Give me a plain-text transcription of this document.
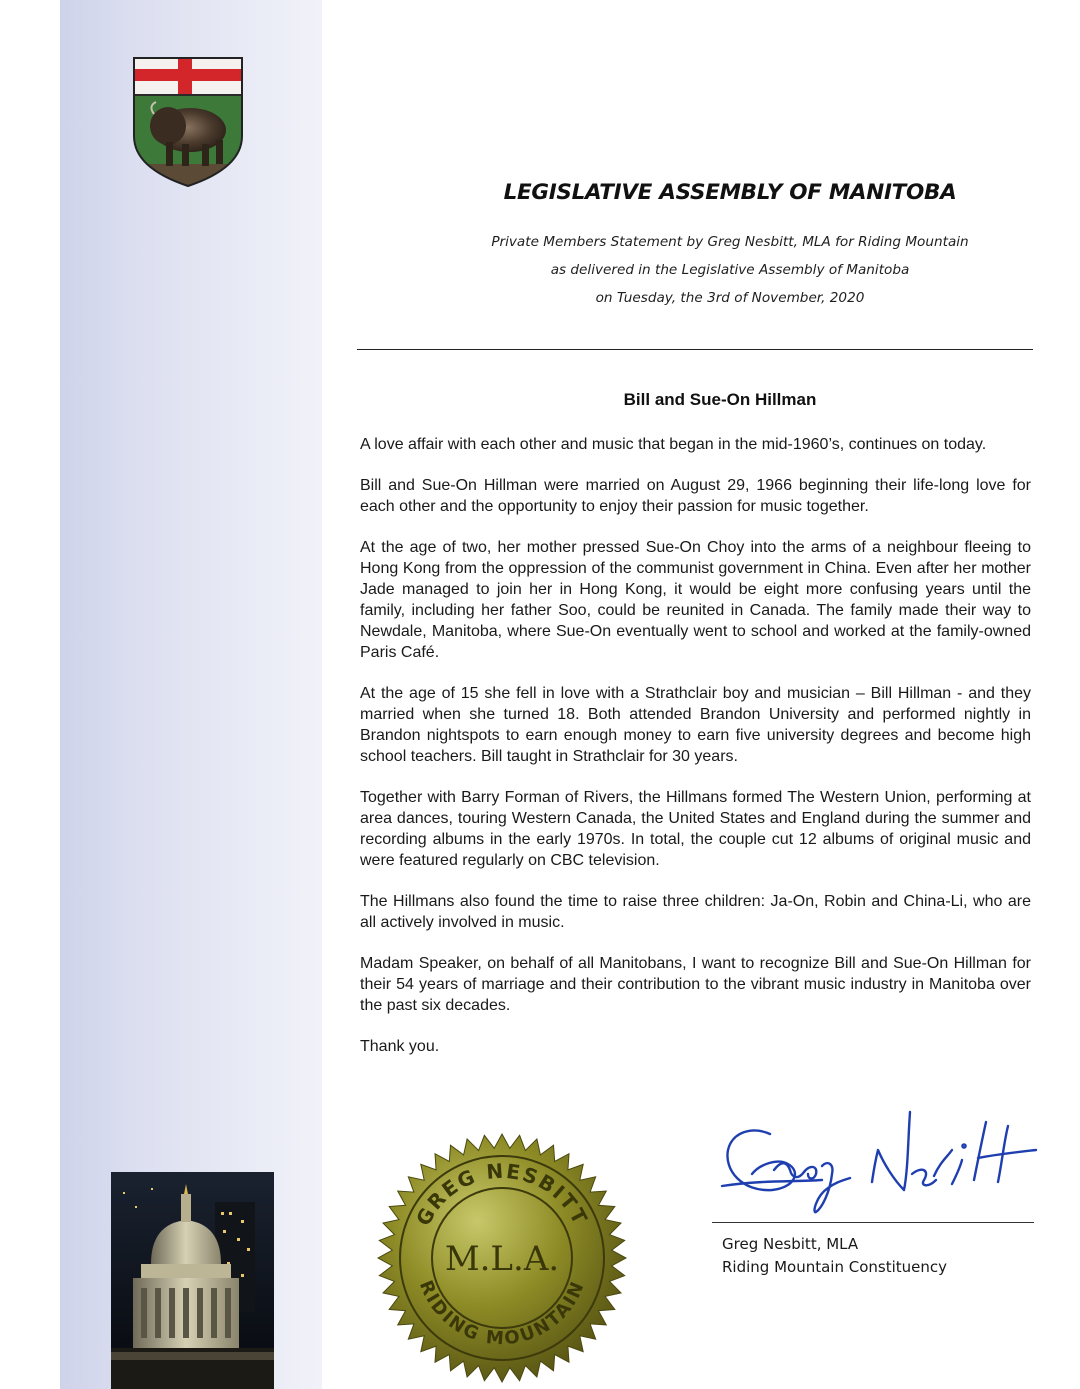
LEGISLATIVE ASSEMBLY OF MANITOBA
Private Members Statement by Greg Nesbitt, MLA for Riding Mountain
as delivered in the Legislative Assembly of Manitoba
on Tuesday, the 3rd of November, 2020
Bill and Sue-On Hillman

A love affair with each other and music that began in the mid-1960’s, continues on today.

Bill and Sue-On Hillman were married on August 29, 1966 beginning their life-long love for each other and the opportunity to enjoy their passion for music together.

At the age of two, her mother pressed Sue-On Choy into the arms of a neighbour fleeing to Hong Kong from the oppression of the communist government in China. Even after her mother Jade managed to join her in Hong Kong, it would be eight more confusing years until the family, including her father Soo, could be reunited in Canada. The family made their way to Newdale, Manitoba, where Sue-On eventually went to school and worked at the family-owned Paris Café.

At the age of 15 she fell in love with a Strathclair boy and musician – Bill Hillman - and they married when she turned 18. Both attended Brandon University and performed nightly in Brandon nightspots to earn enough money to earn five university degrees and become high school teachers. Bill taught in Strathclair for 30 years.

Together with Barry Forman of Rivers, the Hillmans formed The Western Union, performing at area dances, touring Western Canada, the United States and England during the summer and recording albums in the early 1970s. In total, the couple cut 12 albums of original music and were featured regularly on CBC television.

The Hillmans also found the time to raise three children: Ja-On, Robin and China-Li, who are all actively involved in music.

Madam Speaker, on behalf of all Manitobans, I want to recognize Bill and Sue-On Hillman for their 54 years of marriage and their contribution to the vibrant music industry in Manitoba over the past six decades.

Thank you.

GREG NESBITT
RIDING MOUNTAIN
M.L.A.	Greg Nesbitt, MLA
Riding Mountain Constituency
